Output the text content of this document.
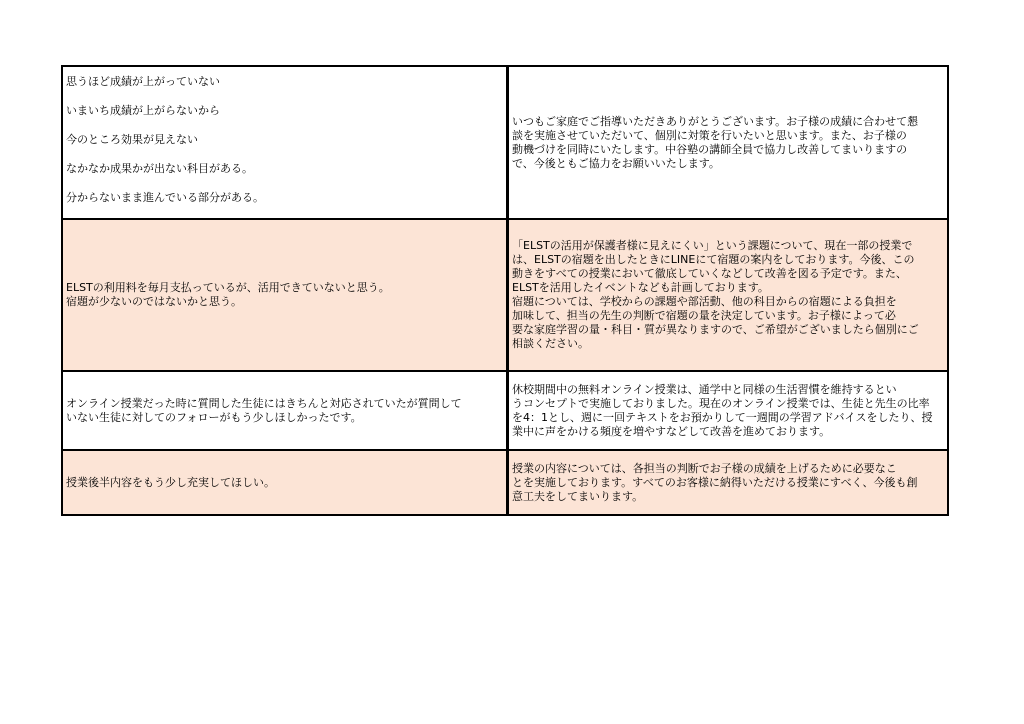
思うほど成績が上がっていない

いまいち成績が上がらないから

今のところ効果が見えない

なかなか成果かが出ない科目がある。

分からないまま進んでいる部分がある。

いつもご家庭でご指導いただきありがとうございます。お子様の成績に合わせて懇

談を実施させていただいて、個別に対策を行いたいと思います。また、お子様の

動機づけを同時にいたします。中谷塾の講師全員で協力し改善してまいりますの

で、今後ともご協力をお願いいたします。

ELSTの利用料を毎月支払っているが、活用できていないと思う。

宿題が少ないのではないかと思う。

「ELSTの活用が保護者様に見えにくい」という課題について、現在一部の授業で

は、ELSTの宿題を出したときにLINEにて宿題の案内をしております。今後、この

動きをすべての授業において徹底していくなどして改善を図る予定です。また、

ELSTを活用したイベントなども計画しております。

宿題については、学校からの課題や部活動、他の科目からの宿題による負担を

加味して、担当の先生の判断で宿題の量を決定しています。お子様によって必

要な家庭学習の量・科目・質が異なりますので、ご希望がございましたら個別にご

相談ください。

オンライン授業だった時に質問した生徒にはきちんと対応されていたが質問して

いない生徒に対してのフォローがもう少しほしかったです。

休校期間中の無料オンライン授業は、通学中と同様の生活習慣を維持するとい

うコンセプトで実施しておりました。現在のオンライン授業では、生徒と先生の比率

を4：1とし、週に一回テキストをお預かりして一週間の学習アドバイスをしたり、授

業中に声をかける頻度を増やすなどして改善を進めております。

授業後半内容をもう少し充実してほしい。

授業の内容については、各担当の判断でお子様の成績を上げるために必要なこ

とを実施しております。すべてのお客様に納得いただける授業にすべく、今後も創

意工夫をしてまいります。
